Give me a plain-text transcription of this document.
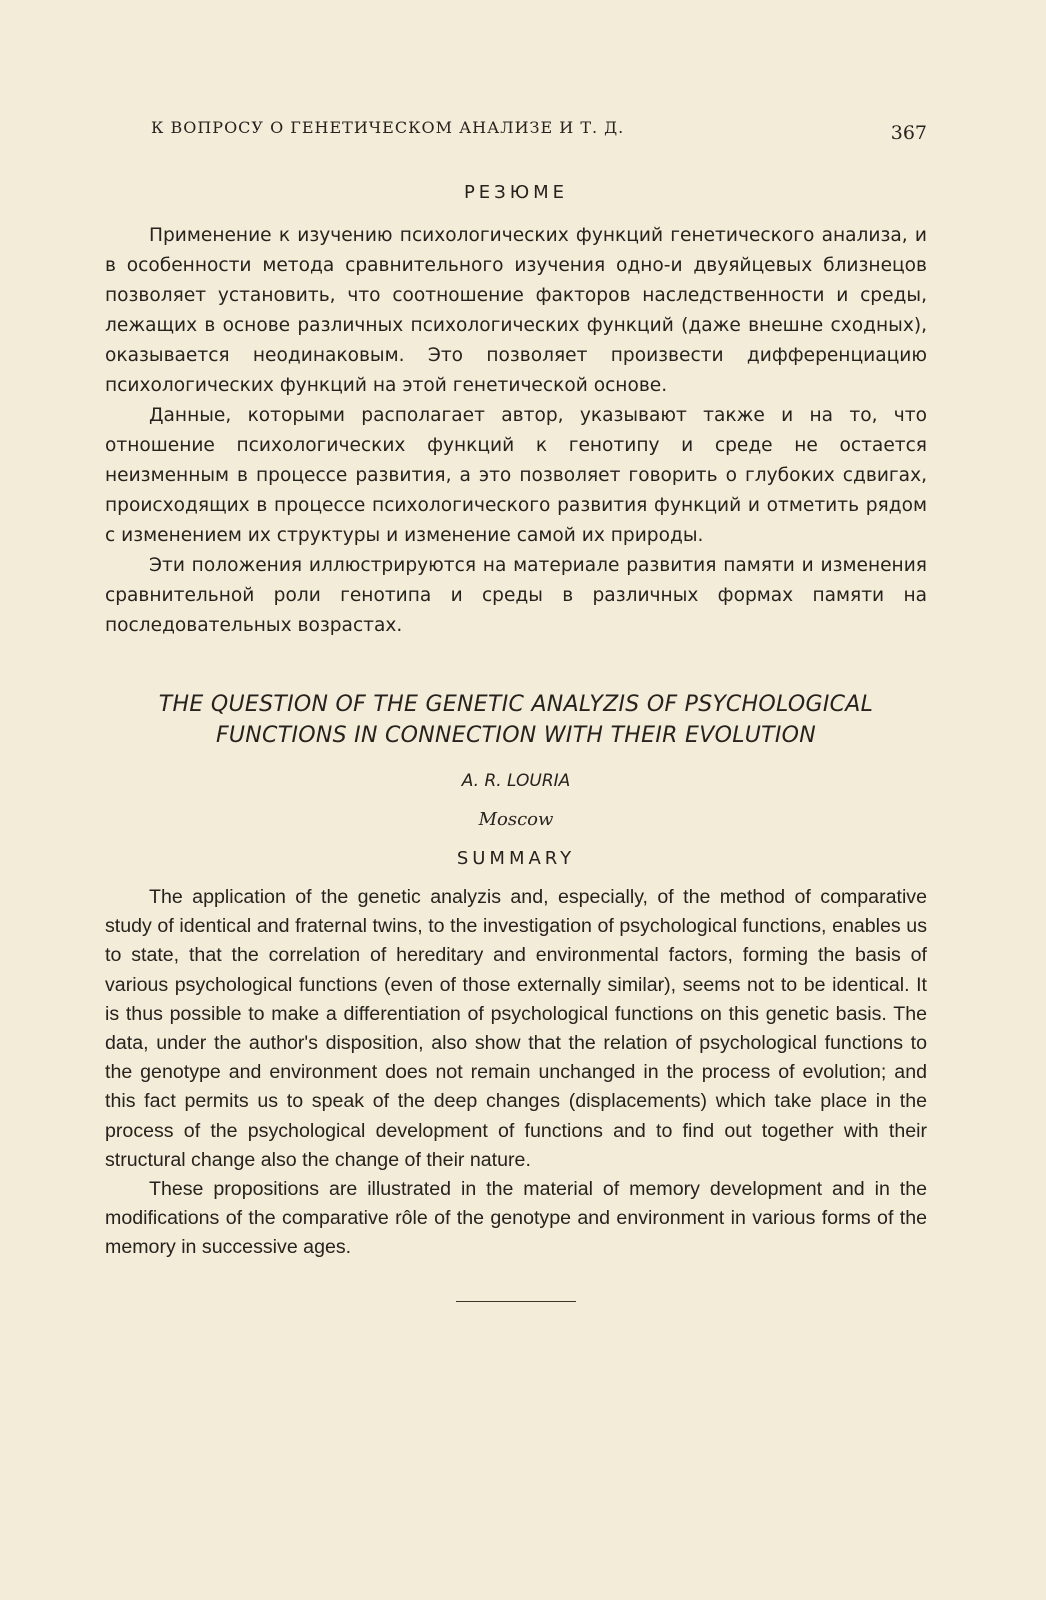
К ВОПРОСУ О ГЕНЕТИЧЕСКОМ АНАЛИЗЕ И Т. Д.	367
РЕЗЮМЕ

Применение к изучению психологических функций генетического анализа, и в особенности метода сравнительного изучения одно-и двуяйцевых близнецов позволяет установить, что соотношение факторов наследственности и среды, лежащих в основе различных психологических функций (даже внешне сходных), оказывается неодинаковым. Это позволяет произвести дифференциацию психологических функций на этой генетической основе.

Данные, которыми располагает автор, указывают также и на то, что отношение психологических функций к генотипу и среде не остается неизменным в процессе развития, а это позволяет говорить о глубоких сдвигах, происходящих в процессе психологического развития функций и отметить рядом с изменением их структуры и изменение самой их природы.

Эти положения иллюстрируются на материале развития памяти и изменения сравнительной роли генотипа и среды в различных формах памяти на последовательных возрастах.

THE QUESTION OF THE GENETIC ANALYZIS OF PSYCHOLOGICAL
FUNCTIONS IN CONNECTION WITH THEIR EVOLUTION
A. R. LOURIA
Moscow
SUMMARY

The application of the genetic analyzis and, especially, of the method of comparative study of identical and fraternal twins, to the investigation of psychological functions, enables us to state, that the correlation of hereditary and environmental factors, forming the basis of various psychological functions (even of those externally similar), seems not to be identical. It is thus possible to make a differentiation of psychological functions on this genetic basis. The data, under the author's disposition, also show that the relation of psychological functions to the genotype and environment does not remain unchanged in the process of evolution; and this fact permits us to speak of the deep changes (displacements) which take place in the process of the psychological development of functions and to find out together with their structural change also the change of their nature.

These propositions are illustrated in the material of memory development and in the modifications of the comparative rôle of the genotype and environment in various forms of the memory in successive ages.
